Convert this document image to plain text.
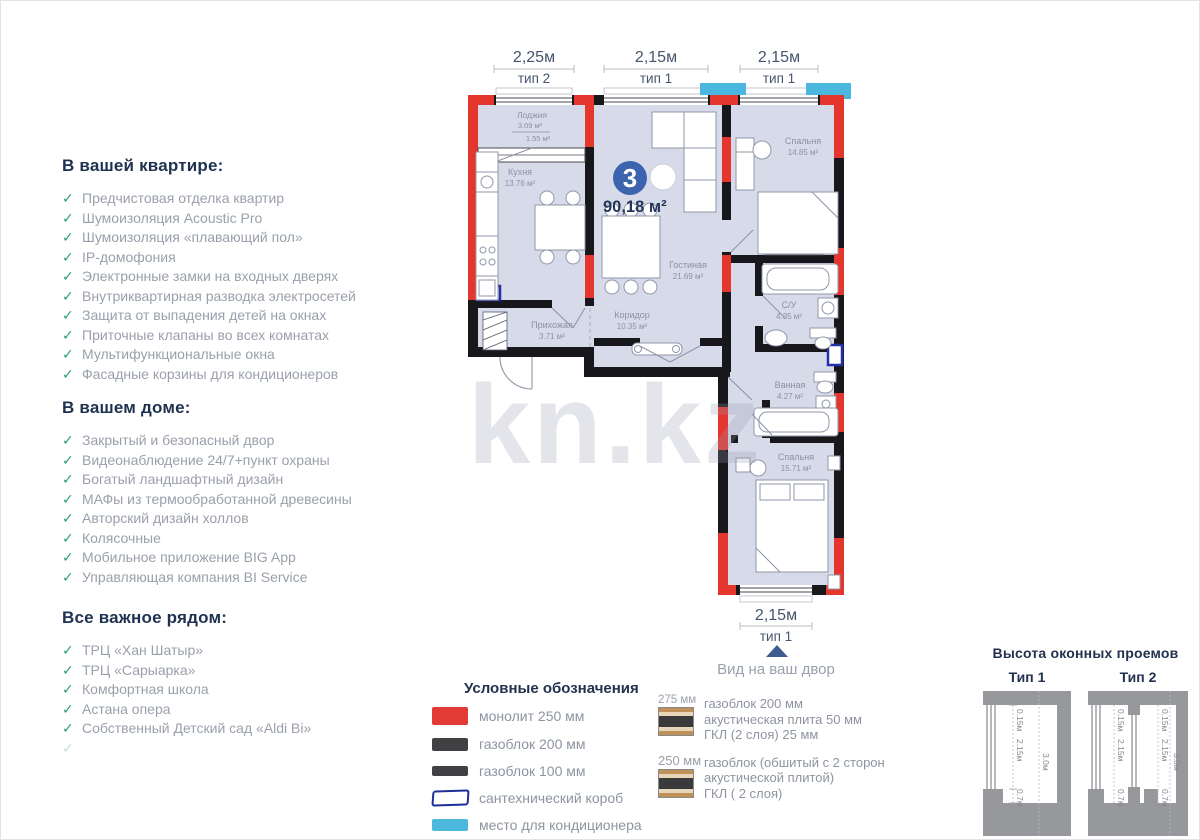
В вашей квартире:
✓ Предчистовая отделка квартир
✓ Шумоизоляция Acoustic Pro
✓ Шумоизоляция «плавающий пол»
✓ IP-домофония
✓ Электронные замки на входных дверях
✓ Внутриквартирная разводка электросетей
✓ Защита от выпадения детей на окнах
✓ Приточные клапаны во всех комнатах
✓ Мультифункциональные окна
✓ Фасадные корзины для кондиционеров
В вашем доме:
✓ Закрытый и безопасный двор
✓ Видеонаблюдение 24/7+пункт охраны
✓ Богатый ландшафтный дизайн
✓ МАФы из термообработанной древесины
✓ Авторский дизайн холлов
✓ Колясочные
✓ Мобильное приложение BIG App
✓ Управляющая компания BI Service
Все важное рядом:
✓ ТРЦ «Хан Шатыр»
✓ ТРЦ «Сарыарка»
✓ Комфортная школа
✓ Астана опера
✓ Собственный Детский сад «Aldi Bi»
✓
kn.kz
2,25м
тип 2
2,15м
тип 1
2,15м
тип 1
3
90,18 м²
Лоджия
3.09 м²
1.55 м²
Кухня
13.76 м²
Гостиная
21.69 м²
Спальня
14.85 м²
С/У
4.35 м²
Прихожая
3.71 м²
Коридор
10.35 м²
Ванная
4.27 м²
Спальня
15.71 м²
2,15м
тип 1
Вид на ваш двор
Условные обозначения
монолит 250 мм
газоблок 200 мм
газоблок 100 мм
сантехнический короб
место для кондиционера
275 мм газоблок 200 мм
акустическая плита 50 мм
ГКЛ (2 слоя) 25 мм
250 мм газоблок (обшитый с 2 сторон
акустической плитой)
ГКЛ ( 2 слоя)
Высота оконных проемов
Тип 1
0.15м
2.15м
0.7м
3.0м
Тип 2
0.15м
2.15м
0.7м
0.15м
2.15м
0.7м
3.0м
